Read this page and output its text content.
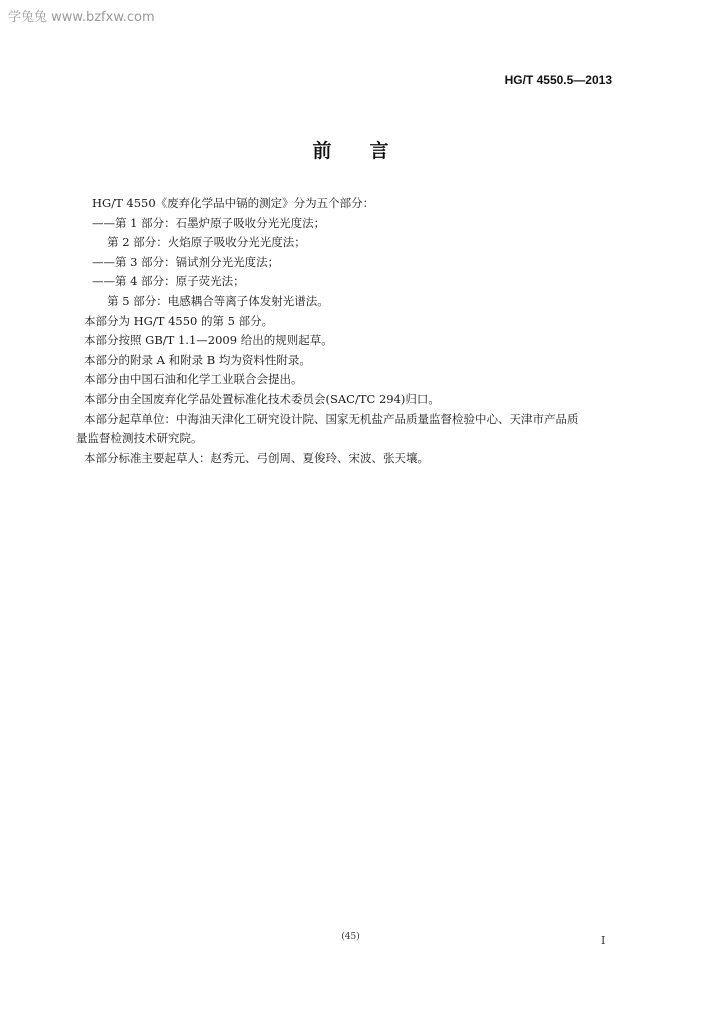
学兔兔 www.bzfxw.com
HG/T 4550.5—2013
前言

HG/T 4550《废弃化学品中镉的测定》分为五个部分：

——第 1 部分：石墨炉原子吸收分光光度法；

　 第 2 部分：火焰原子吸收分光光度法；

——第 3 部分：镉试剂分光光度法；

——第 4 部分：原子荧光法；

　 第 5 部分：电感耦合等离子体发射光谱法。

本部分为 HG/T 4550 的第 5 部分。

本部分按照 GB/T 1.1—2009 给出的规则起草。

本部分的附录 A 和附录 B 均为资料性附录。

本部分由中国石油和化学工业联合会提出。

本部分由全国废弃化学品处置标准化技术委员会(SAC/TC 294)归口。

本部分起草单位：中海油天津化工研究设计院、国家无机盐产品质量监督检验中心、天津市产品质

量监督检测技术研究院。

本部分标准主要起草人：赵秀元、弓创周、夏俊玲、宋波、张天壤。

(45)	I
